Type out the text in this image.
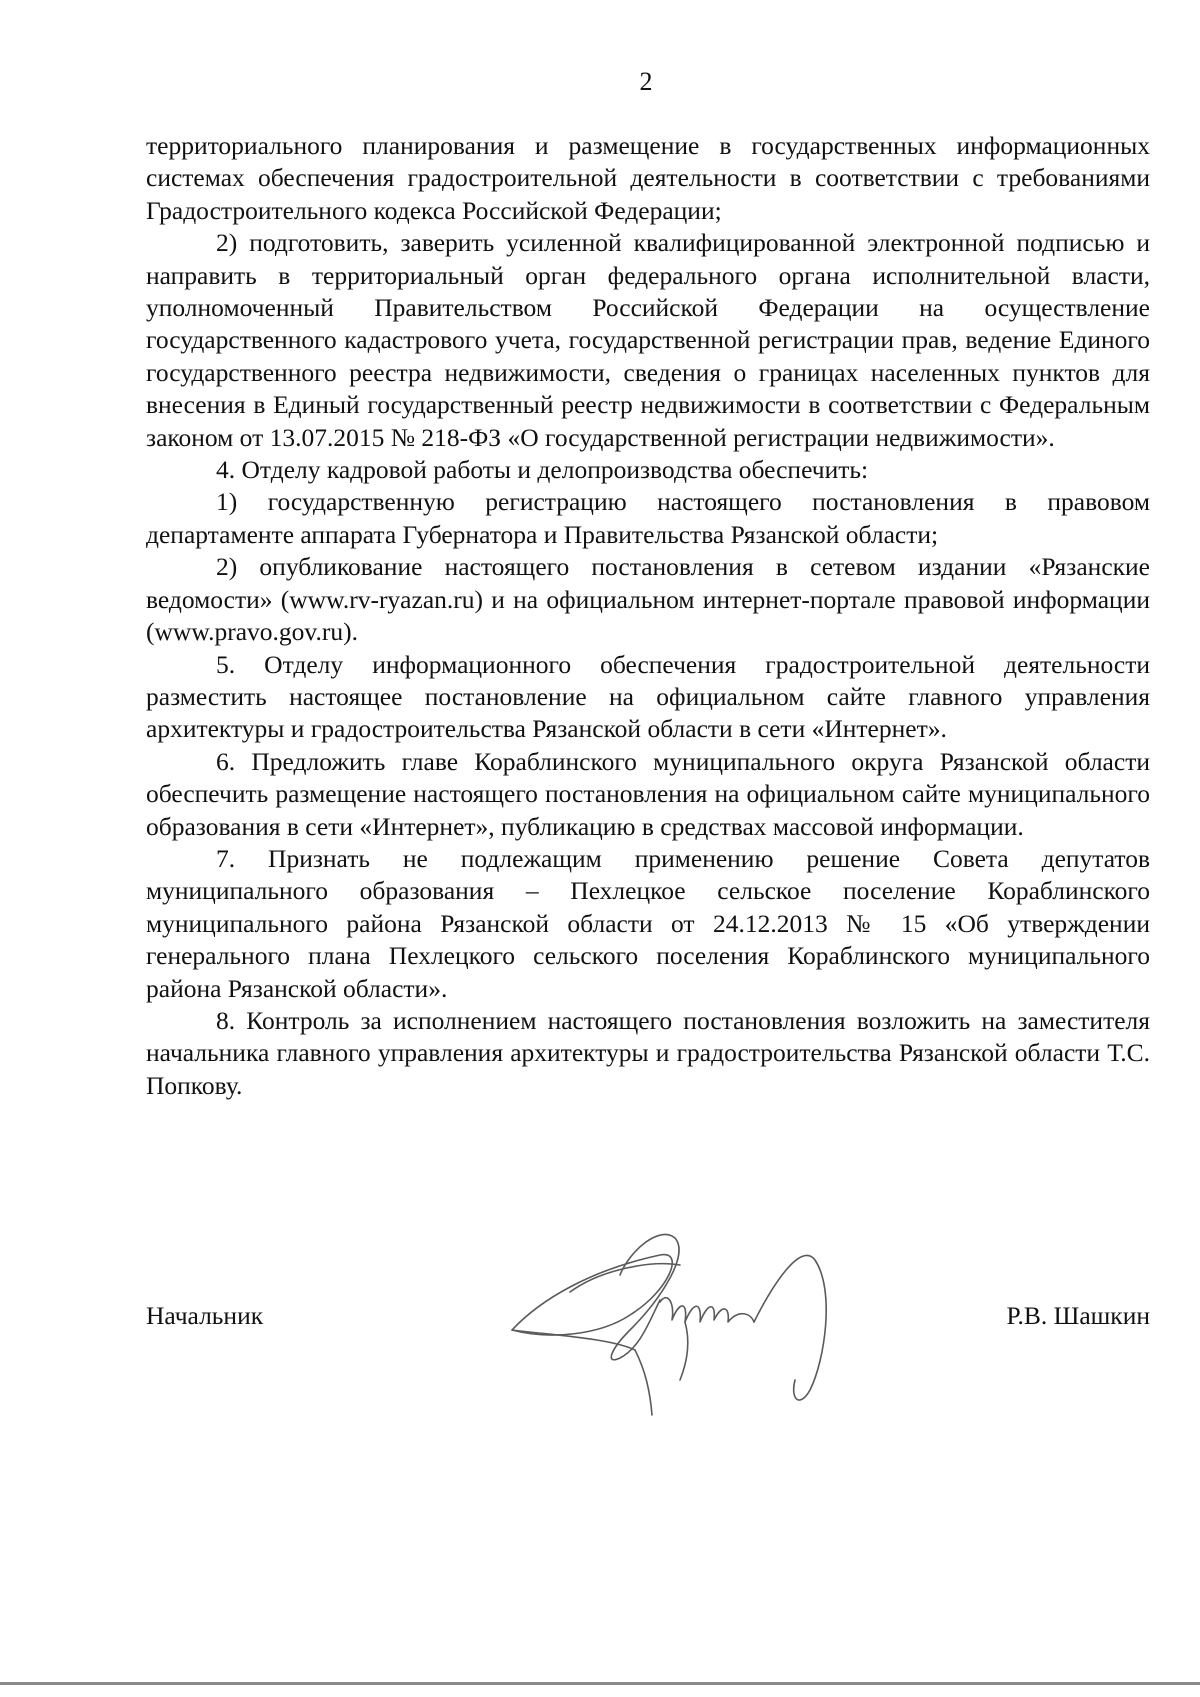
2

территориального планирования и размещение в государственных информационных системах обеспечения градостроительной деятельности в соответствии с требованиями Градостроительного кодекса Российской Федерации;

2) подготовить, заверить усиленной квалифицированной электронной подписью и направить в территориальный орган федерального органа исполнительной власти, уполномоченный Правительством Российской Федерации на осуществление государственного кадастрового учета, государственной регистрации прав, ведение Единого государственного реестра недвижимости, сведения о границах населенных пунктов для внесения в Единый государственный реестр недвижимости в соответствии с Федеральным законом от 13.07.2015 № 218-ФЗ «О государственной регистрации недвижимости».

4. Отделу кадровой работы и делопроизводства обеспечить:

1) государственную регистрацию настоящего постановления в правовом департаменте аппарата Губернатора и Правительства Рязанской области;

2) опубликование настоящего постановления в сетевом издании «Рязанские ведомости» (www.rv-ryazan.ru) и на официальном интернет-портале правовой информации (www.pravo.gov.ru).

5. Отделу информационного обеспечения градостроительной деятельности разместить настоящее постановление на официальном сайте главного управления архитектуры и градостроительства Рязанской области в сети «Интернет».

6. Предложить главе Кораблинского муниципального округа Рязанской области обеспечить размещение настоящего постановления на официальном сайте муниципального образования в сети «Интернет», публикацию в средствах массовой информации.

7. Признать не подлежащим применению решение Совета депутатов муниципального образования – Пехлецкое сельское поселение Кораблинского муниципального района Рязанской области от 24.12.2013 № 15 «Об утверждении генерального плана Пехлецкого сельского поселения Кораблинского муниципального района Рязанской области».

8. Контроль за исполнением настоящего постановления возложить на заместителя начальника главного управления архитектуры и градостроительства Рязанской области Т.С. Попкову.

Начальник	Р.В. Шашкин
